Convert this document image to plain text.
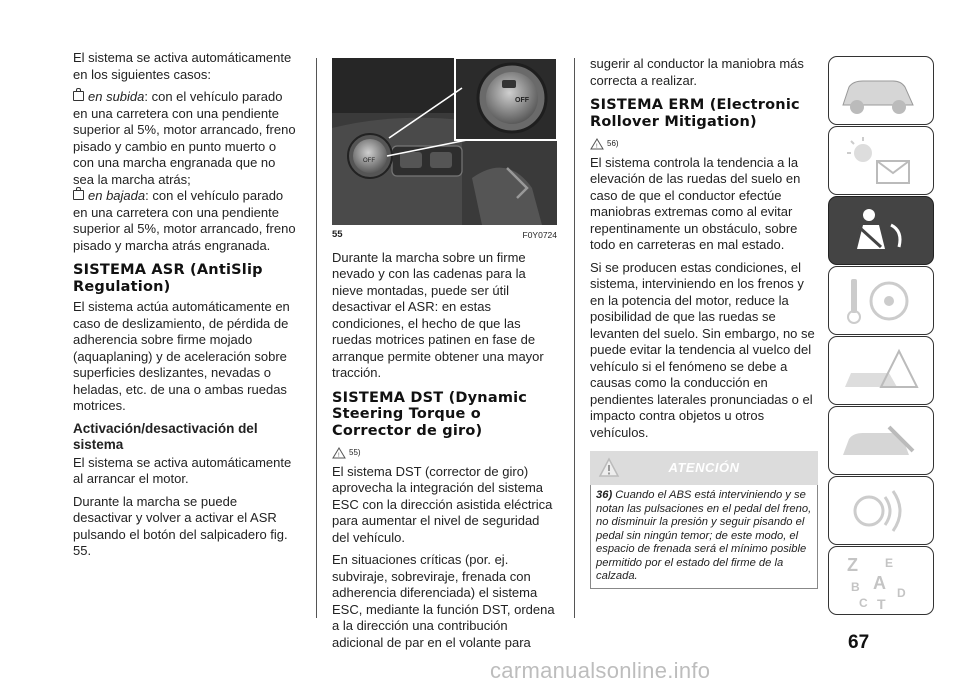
El sistema se activa automáticamente en los siguientes casos:

en subida: con el vehículo parado en una carretera con una pendiente superior al 5%, motor arrancado, freno pisado y cambio en punto muerto o con una marcha engranada que no sea la marcha atrás;

en bajada: con el vehículo parado en una carretera con una pendiente superior al 5%, motor arrancado, freno pisado y marcha atrás engranada.

SISTEMA ASR (AntiSlip Regulation)

El sistema actúa automáticamente en caso de deslizamiento, de pérdida de adherencia sobre firme mojado (aquaplaning) y de aceleración sobre superficies deslizantes, nevadas o heladas, etc. de una o ambas ruedas motrices.

Activación/desactivación del sistema

El sistema se activa automáticamente al arrancar el motor.

Durante la marcha se puede desactivar y volver a activar el ASR pulsando el botón del salpicadero fig. 55.

OFF
OFF
55	F0Y0724

Durante la marcha sobre un firme nevado y con las cadenas para la nieve montadas, puede ser útil desactivar el ASR: en estas condiciones, el hecho de que las ruedas motrices patinen en fase de arranque permite obtener una mayor tracción.

SISTEMA DST (Dynamic Steering Torque o Corrector de giro)
! 55)

El sistema DST (corrector de giro) aprovecha la integración del sistema ESC con la dirección asistida eléctrica para aumentar el nivel de seguridad del vehículo.

En situaciones críticas (por. ej. subviraje, sobreviraje, frenada con adherencia diferenciada) el sistema ESC, mediante la función DST, ordena a la dirección una contribución adicional de par en el volante para

sugerir al conductor la maniobra más correcta a realizar.

SISTEMA ERM (Electronic Rollover Mitigation)
! 56)

El sistema controla la tendencia a la elevación de las ruedas del suelo en caso de que el conductor efectúe maniobras extremas como al evitar repentinamente un obstáculo, sobre todo en carreteras en mal estado.

Si se producen estas condiciones, el sistema, interviniendo en los frenos y en la potencia del motor, reduce la posibilidad de que las ruedas se levanten del suelo. Sin embargo, no se puede evitar la tendencia al vuelco del vehículo si el fenómeno se debe a causas como la conducción en pendientes laterales pronunciadas o el impacto contra objetos u otros vehículos.

ATENCIÓN
36) Cuando el ABS está interviniendo y se notan las pulsaciones en el pedal del freno, no disminuir la presión y seguir pisando el pedal sin ningún temor; de este modo, el espacio de frenada será el mínimo posible permitido por el estado del firme de la calzada.
Z E
B A
C T
D
67
carmanualsonline.info
